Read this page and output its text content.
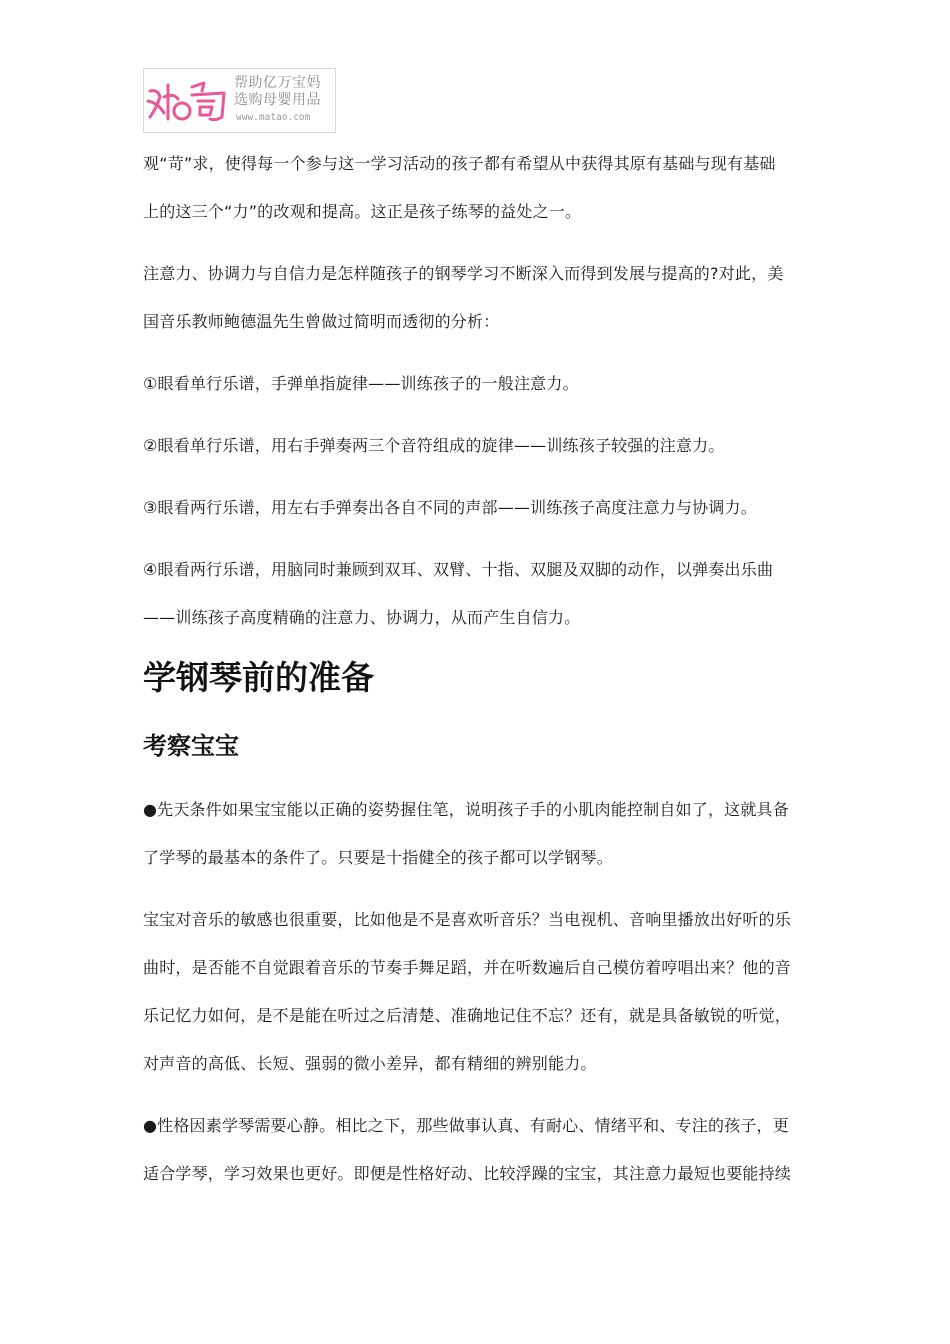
帮助亿万宝妈
选购母婴用品
www.matao.com

观“苛”求，使得每一个参与这一学习活动的孩子都有希望从中获得其原有基础与现有基础

上的这三个“力”的改观和提高。这正是孩子练琴的益处之一。

注意力、协调力与自信力是怎样随孩子的钢琴学习不断深入而得到发展与提高的?对此，美

国音乐教师鲍德温先生曾做过简明而透彻的分析：

①眼看单行乐谱，手弹单指旋律——训练孩子的一般注意力。

②眼看单行乐谱，用右手弹奏两三个音符组成的旋律——训练孩子较强的注意力。

③眼看两行乐谱，用左右手弹奏出各自不同的声部——训练孩子高度注意力与协调力。

④眼看两行乐谱，用脑同时兼顾到双耳、双臂、十指、双腿及双脚的动作，以弹奏出乐曲

——训练孩子高度精确的注意力、协调力，从而产生自信力。

学钢琴前的准备
考察宝宝

●先天条件如果宝宝能以正确的姿势握住笔，说明孩子手的小肌肉能控制自如了，这就具备

了学琴的最基本的条件了。只要是十指健全的孩子都可以学钢琴。

宝宝对音乐的敏感也很重要，比如他是不是喜欢听音乐？当电视机、音响里播放出好听的乐

曲时，是否能不自觉跟着音乐的节奏手舞足蹈，并在听数遍后自己模仿着哼唱出来？他的音

乐记忆力如何，是不是能在听过之后清楚、准确地记住不忘？还有，就是具备敏锐的听觉，

对声音的高低、长短、强弱的微小差异，都有精细的辨别能力。

●性格因素学琴需要心静。相比之下，那些做事认真、有耐心、情绪平和、专注的孩子，更

适合学琴，学习效果也更好。即便是性格好动、比较浮躁的宝宝，其注意力最短也要能持续
